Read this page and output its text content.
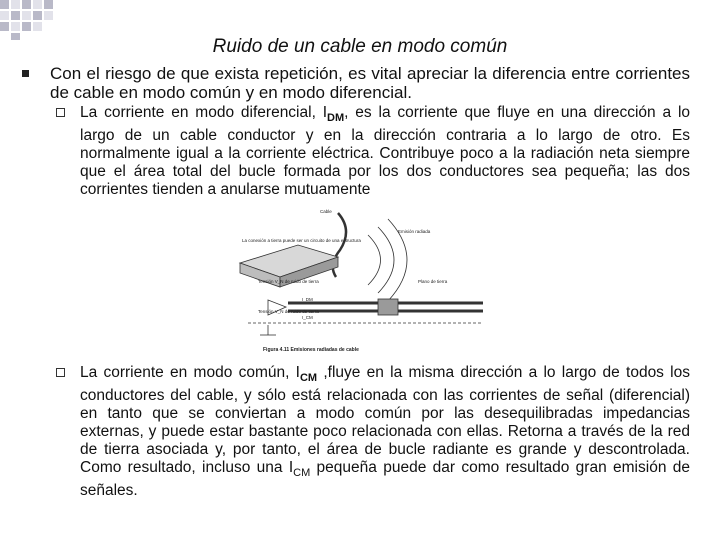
Ruido de un cable en modo común
Con el riesgo de que exista repetición, es vital apreciar la diferencia entre corrientes de cable en modo común y en modo diferencial.
La corriente en modo diferencial, $I_{DM}$, es la corriente que fluye en una dirección a lo largo de un cable conductor y en la dirección contraria a lo largo de otro. Es normalmente igual a la corriente eléctrica. Contribuye poco a la radiación neta siempre que el área total del bucle formada por los dos conductores sea pequeña; las dos corrientes tienden a anularse mutuamente
Cable
Emisión radiada
Plano de tierra
La conexión a tierra puede ser un circuito de una estructura
Tensión V_N de ruido de tierra
Tensión V_N de ruido de tierra
I_DM
I_CM
Figura 4.11 Emisiones radiadas de cable
La corriente en modo común, $I_{CM}$ ,fluye en la misma dirección a lo largo de todos los conductores del cable, y sólo está relacionada con las corrientes de señal (diferencial) en tanto que se conviertan a modo común por las desequilibradas impedancias externas, y puede estar bastante poco relacionada con ellas. Retorna a través de la red de tierra asociada y, por tanto, el área de bucle radiante es grande y descontrolada. Como resultado, incluso una $I_{CM}$ pequeña puede dar como resultado gran emisión de señales.
